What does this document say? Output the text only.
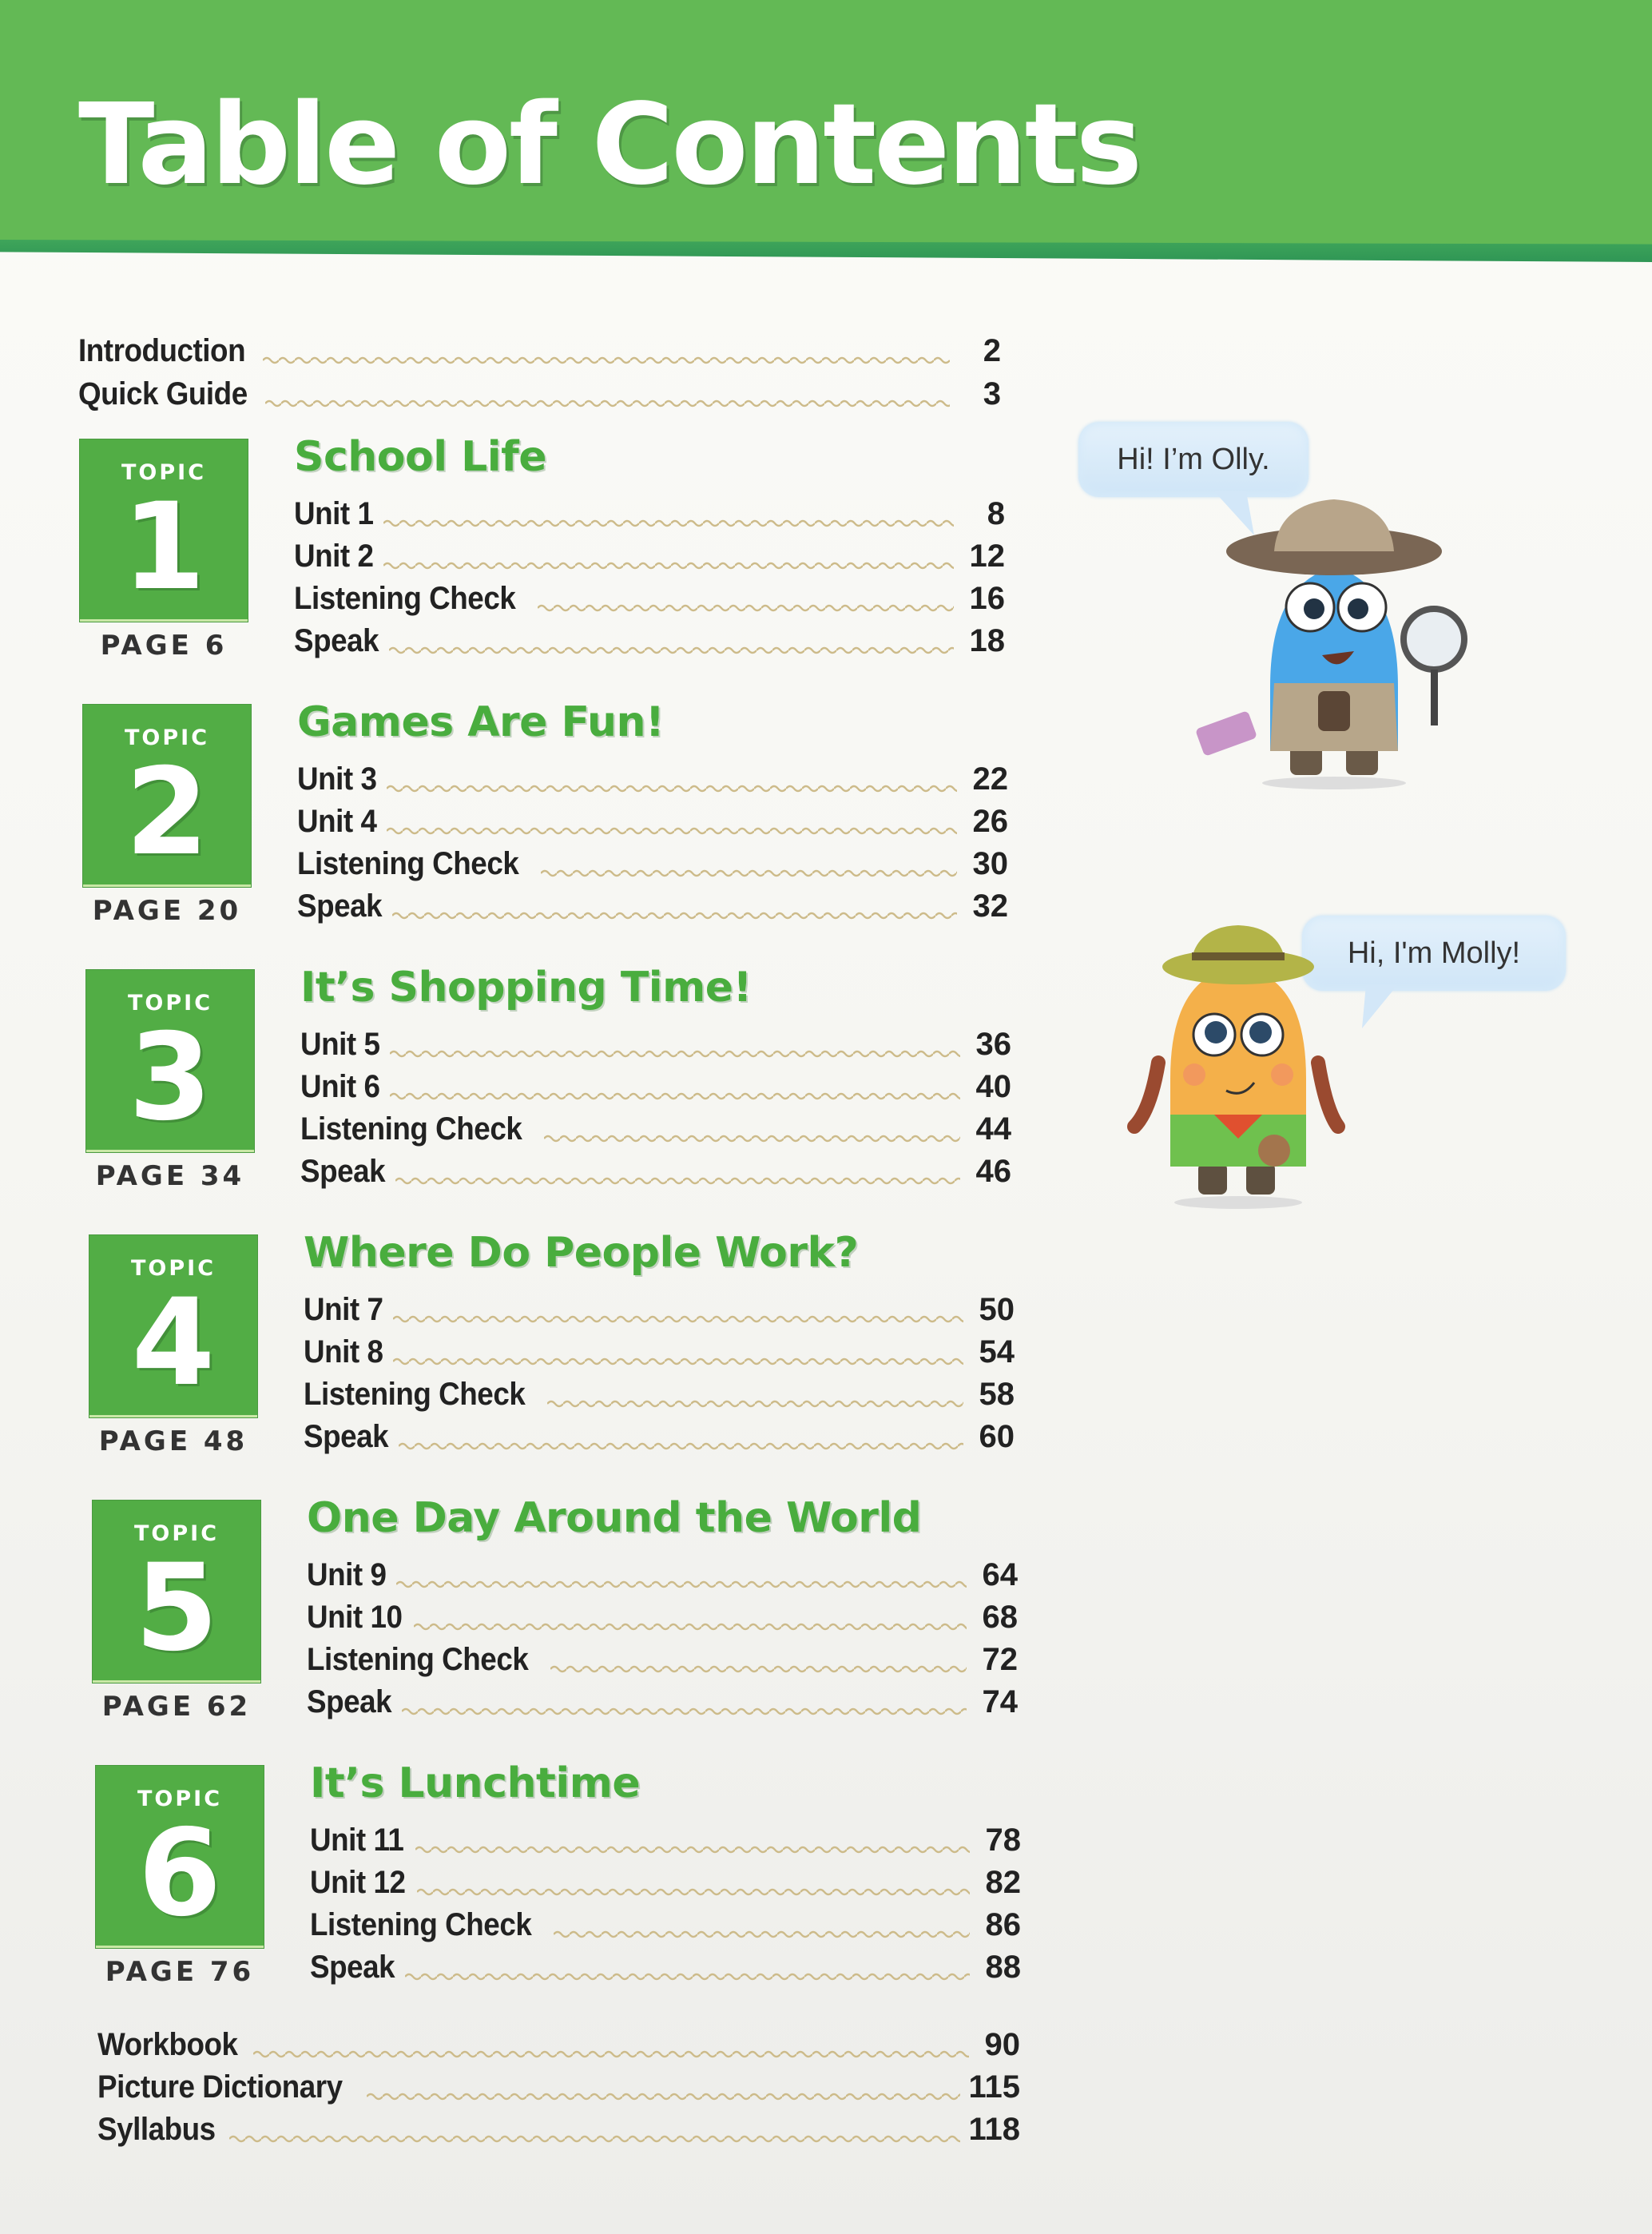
Table of Contents
Introduction	2
Quick Guide	3
TOPIC
1
PAGE 6
School Life
Unit 1	8
Unit 2	12
Listening Check	16
Speak	18
TOPIC
2
PAGE 20
Games Are Fun!
Unit 3	22
Unit 4	26
Listening Check	30
Speak	32
TOPIC
3
PAGE 34
It’s Shopping Time!
Unit 5	36
Unit 6	40
Listening Check	44
Speak	46
TOPIC
4
PAGE 48
Where Do People Work?
Unit 7	50
Unit 8	54
Listening Check	58
Speak	60
TOPIC
5
PAGE 62
One Day Around the World
Unit 9	64
Unit 10	68
Listening Check	72
Speak	74
TOPIC
6
PAGE 76
It’s Lunchtime
Unit 11	78
Unit 12	82
Listening Check	86
Speak	88
Workbook	90
Picture Dictionary	115
Syllabus	118
Hi! I’m Olly.
Hi, I'm Molly!
